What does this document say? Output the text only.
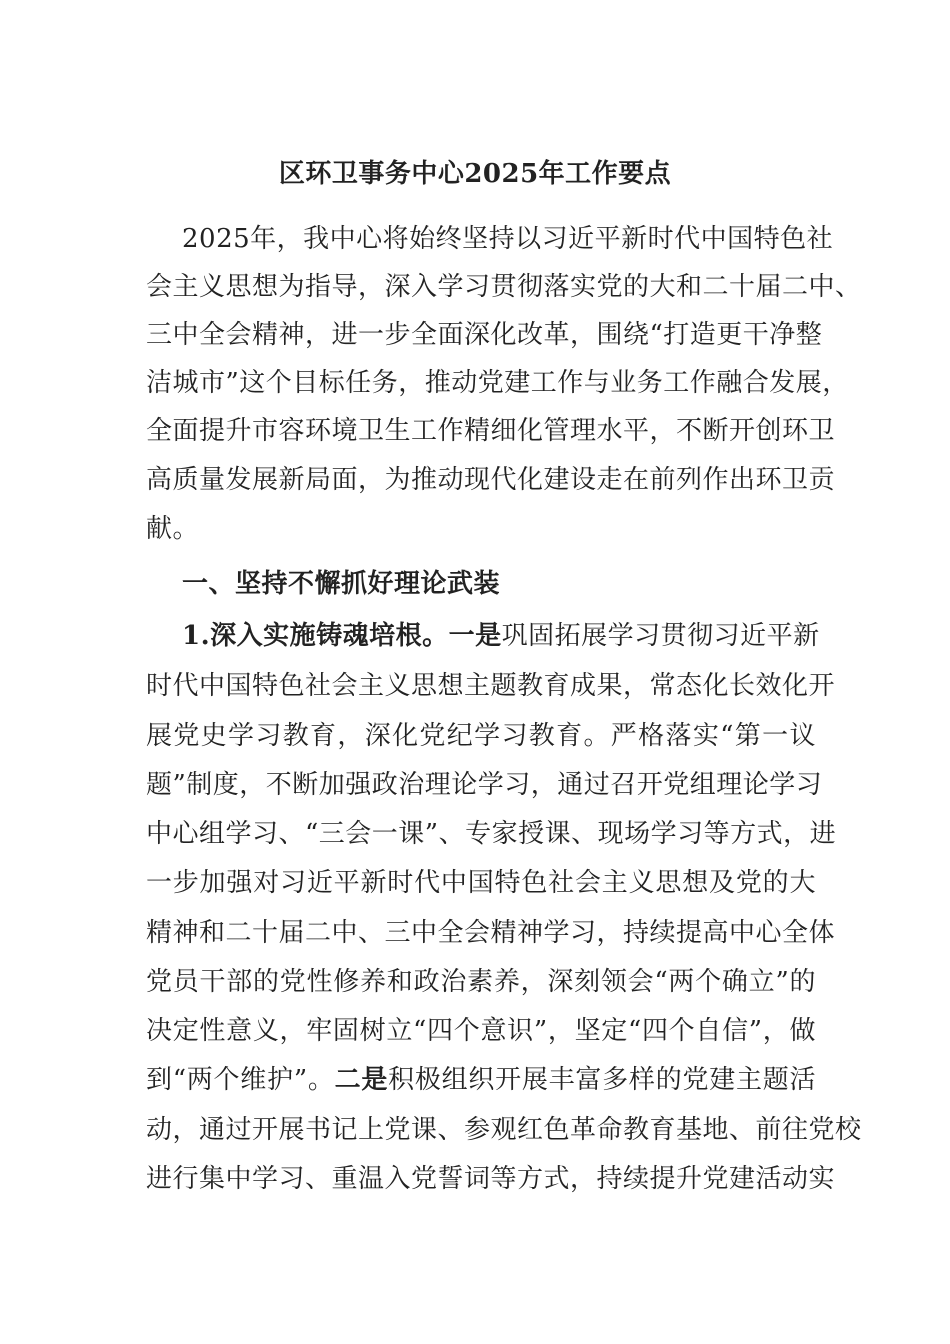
区环卫事务中心2025年工作要点

2025年，我中心将始终坚持以习近平新时代中国特色社

会主义思想为指导，深入学习贯彻落实党的大和二十届二中、

三中全会精神，进一步全面深化改革，围绕“打造更干净整

洁城市”这个目标任务，推动党建工作与业务工作融合发展，

全面提升市容环境卫生工作精细化管理水平，不断开创环卫

高质量发展新局面，为推动现代化建设走在前列作出环卫贡

献。

一、坚持不懈抓好理论武装

1.深入实施铸魂培根。一是巩固拓展学习贯彻习近平新

时代中国特色社会主义思想主题教育成果，常态化长效化开

展党史学习教育，深化党纪学习教育。严格落实“第一议

题”制度，不断加强政治理论学习，通过召开党组理论学习

中心组学习、“三会一课”、专家授课、现场学习等方式，进

一步加强对习近平新时代中国特色社会主义思想及党的大

精神和二十届二中、三中全会精神学习，持续提高中心全体

党员干部的党性修养和政治素养，深刻领会“两个确立”的

决定性意义，牢固树立“四个意识”，坚定“四个自信”，做

到“两个维护”。二是积极组织开展丰富多样的党建主题活

动，通过开展书记上党课、参观红色革命教育基地、前往党校

进行集中学习、重温入党誓词等方式，持续提升党建活动实
